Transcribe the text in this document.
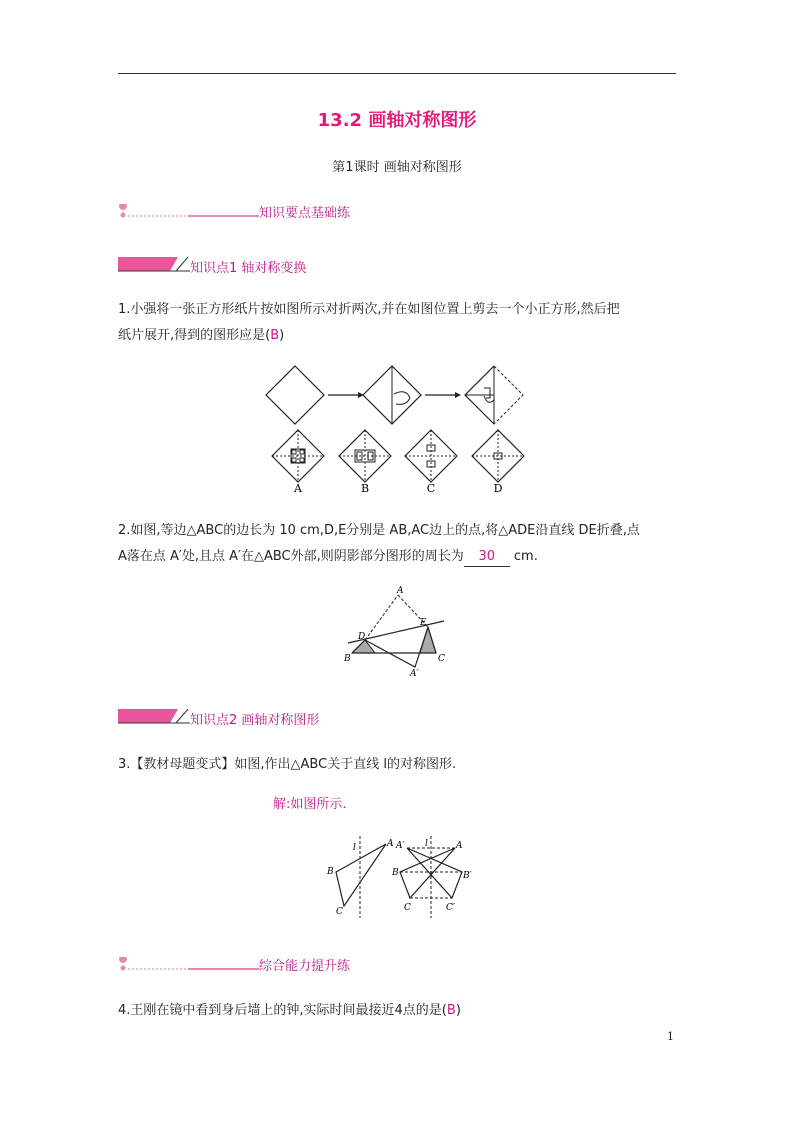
13.2 画轴对称图形
第1课时 画轴对称图形
知识要点基础练
知识点1 轴对称变换
1.小强将一张正方形纸片按如图所示对折两次,并在如图位置上剪去一个小正方形,然后把
纸片展开,得到的图形应是(B)
A	B	C	D
2.如图,等边△ABC的边长为 10 cm,D,E分别是 AB,AC边上的点,将△ADE沿直线 DE折叠,点
A落在点 A′处,且点 A′在△ABC外部,则阴影部分图形的周长为 30 cm.
A
B	C
D
E
A′
知识点2 画轴对称图形
3.【教材母题变式】如图,作出△ABC关于直线 l的对称图形.
解:如图所示.
l	A
B
C
l	A
A′
B	B′
C	C′
综合能力提升练
4.王刚在镜中看到身后墙上的钟,实际时间最接近4点的是(B)
1
